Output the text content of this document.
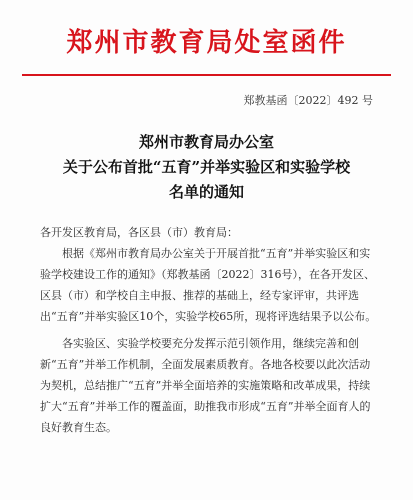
郑州市教育局处室函件
郑教基函〔2022〕492 号
郑州市教育局办公室
关于公布首批“五育”并举实验区和实验学校
名单的通知

各开发区教育局，各区县（市）教育局：

根据《郑州市教育局办公室关于开展首批“五育”并举实验区和实验学校建设工作的通知》（郑教基函〔2022〕316号），在各开发区、区县（市）和学校自主申报、推荐的基础上，经专家评审，共评选出“五育”并举实验区10个，实验学校65所，现将评选结果予以公布。

各实验区、实验学校要充分发挥示范引领作用，继续完善和创新“五育”并举工作机制，全面发展素质教育。各地各校要以此次活动为契机，总结推广“五育”并举全面培养的实施策略和改革成果，持续扩大“五育”并举工作的覆盖面，助推我市形成“五育”并举全面育人的良好教育生态。
